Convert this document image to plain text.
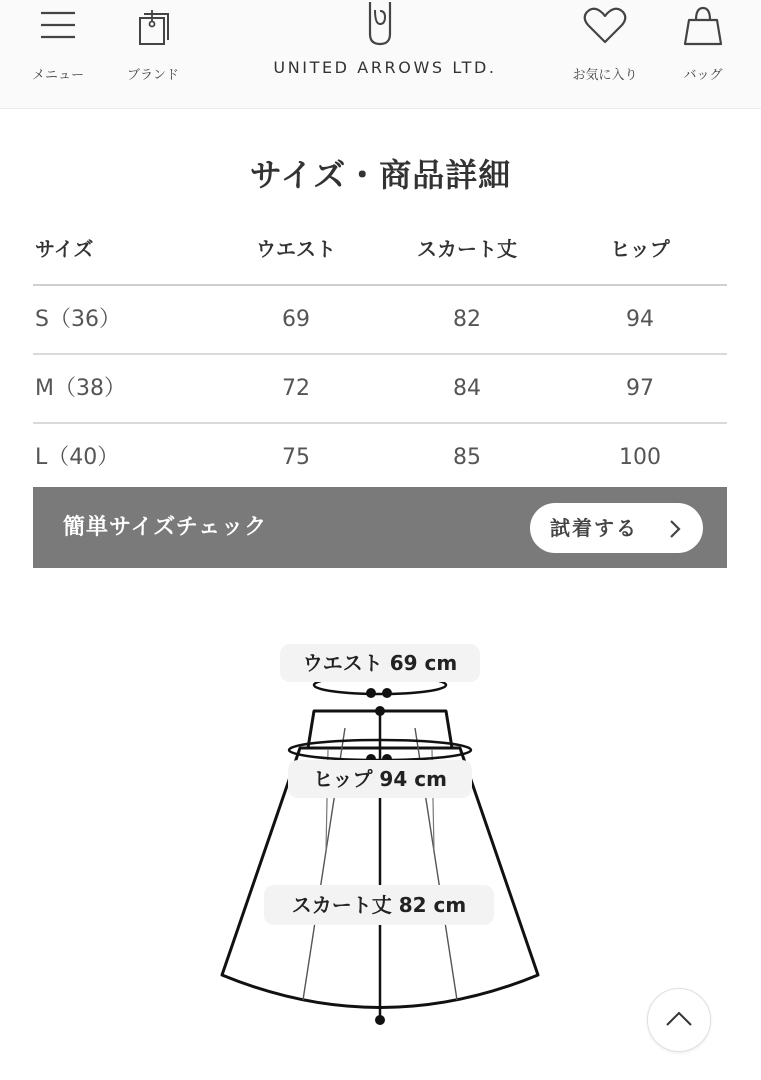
メニュー	ブランド	UNITED ARROWS LTD.	お気に入り	バッグ
サイズ・商品詳細
サイズ	ウエスト	スカート丈	ヒップ
S（36）	69	82	94
M（38）	72	84	97
L（40）	75	85	100
簡単サイズチェック	試着する
ウエスト 69 cm
ヒップ 94 cm
スカート丈 82 cm
